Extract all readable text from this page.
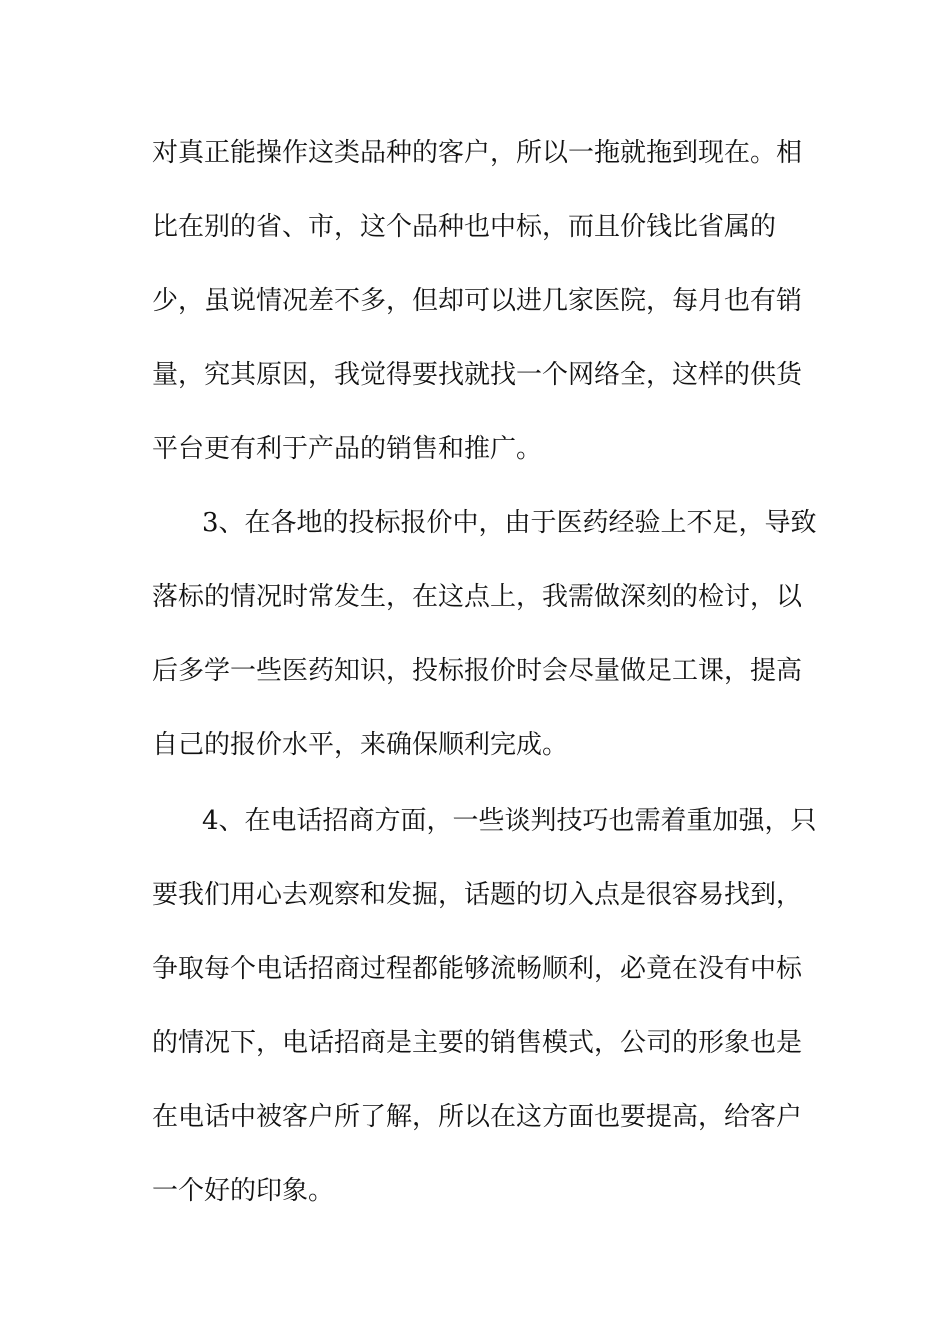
对真正能操作这类品种的客户，所以一拖就拖到现在。相
比在别的省、市，这个品种也中标，而且价钱比省属的
少，虽说情况差不多，但却可以进几家医院，每月也有销
量，究其原因，我觉得要找就找一个网络全，这样的供货
平台更有利于产品的销售和推广。
3、在各地的投标报价中，由于医药经验上不足，导致
落标的情况时常发生，在这点上，我需做深刻的检讨，以
后多学一些医药知识，投标报价时会尽量做足工课，提高
自己的报价水平，来确保顺利完成。
4、在电话招商方面，一些谈判技巧也需着重加强，只
要我们用心去观察和发掘，话题的切入点是很容易找到，
争取每个电话招商过程都能够流畅顺利，必竟在没有中标
的情况下，电话招商是主要的销售模式，公司的形象也是
在电话中被客户所了解，所以在这方面也要提高，给客户
一个好的印象。
